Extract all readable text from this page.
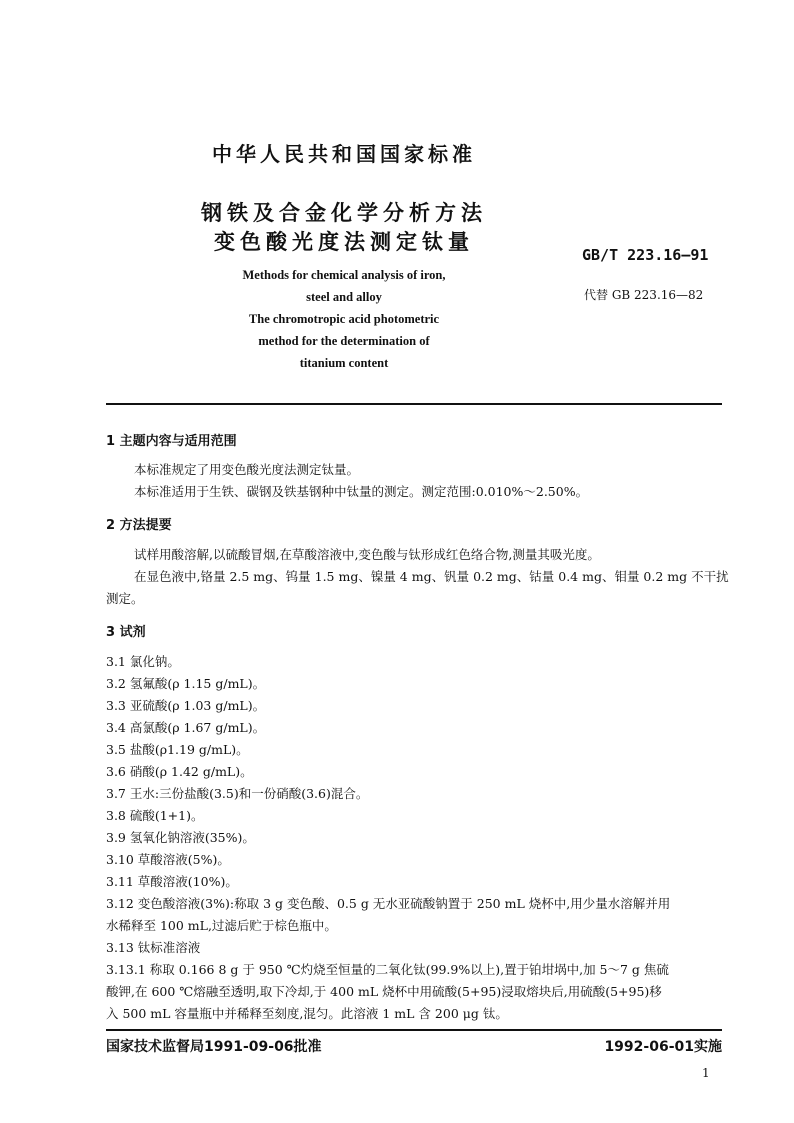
中华人民共和国国家标准
钢铁及合金化学分析方法
变色酸光度法测定钛量
GB/T 223.16—91
代替 GB 223.16—82
Methods for chemical analysis of iron,
steel and alloy
The chromotropic acid photometric
method for the determination of
titanium content
1 主题内容与适用范围
本标准规定了用变色酸光度法测定钛量。
本标准适用于生铁、碳钢及铁基钢种中钛量的测定。测定范围:0.010%～2.50%。
2 方法提要
试样用酸溶解,以硫酸冒烟,在草酸溶液中,变色酸与钛形成红色络合物,测量其吸光度。
在显色液中,铬量 2.5 mg、钨量 1.5 mg、镍量 4 mg、钒量 0.2 mg、钴量 0.4 mg、钼量 0.2 mg 不干扰
测定。
3 试剂
3.1 氯化钠。
3.2 氢氟酸(ρ 1.15 g/mL)。
3.3 亚硫酸(ρ 1.03 g/mL)。
3.4 高氯酸(ρ 1.67 g/mL)。
3.5 盐酸(ρ1.19 g/mL)。
3.6 硝酸(ρ 1.42 g/mL)。
3.7 王水:三份盐酸(3.5)和一份硝酸(3.6)混合。
3.8 硫酸(1+1)。
3.9 氢氧化钠溶液(35%)。
3.10 草酸溶液(5%)。
3.11 草酸溶液(10%)。
3.12 变色酸溶液(3%):称取 3 g 变色酸、0.5 g 无水亚硫酸钠置于 250 mL 烧杯中,用少量水溶解并用
水稀释至 100 mL,过滤后贮于棕色瓶中。
3.13 钛标准溶液
3.13.1 称取 0.166 8 g 于 950 ℃灼烧至恒量的二氧化钛(99.9%以上),置于铂坩埚中,加 5～7 g 焦硫
酸钾,在 600 ℃熔融至透明,取下冷却,于 400 mL 烧杯中用硫酸(5+95)浸取熔块后,用硫酸(5+95)移
入 500 mL 容量瓶中并稀释至刻度,混匀。此溶液 1 mL 含 200 μg 钛。
国家技术监督局1991-09-06批准	1992-06-01实施
1
